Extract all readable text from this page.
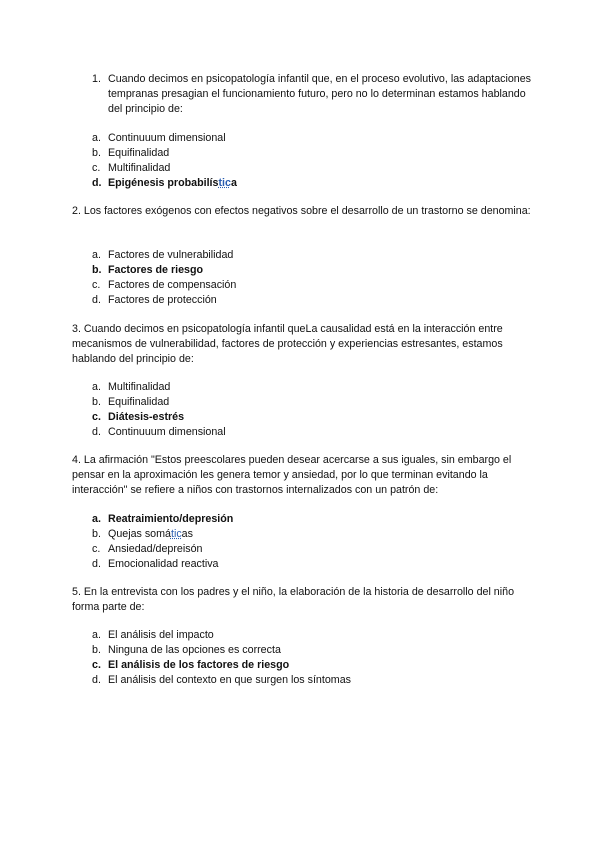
1. Cuando decimos en psicopatología infantil que, en el proceso evolutivo, las adaptaciones tempranas presagian el funcionamiento futuro, pero no lo determinan estamos hablando del principio de:
a. Continuuum dimensional
b. Equifinalidad
c. Multifinalidad
d. Epigénesis probabilística
2. Los factores exógenos con efectos negativos sobre el desarrollo de un trastorno se denomina:
a. Factores de vulnerabilidad
b. Factores de riesgo
c. Factores de compensación
d. Factores de protección
3. Cuando decimos en psicopatología infantil queLa causalidad está en la interacción entre mecanismos de vulnerabilidad, factores de protección y experiencias estresantes, estamos hablando del principio de:
a. Multifinalidad
b. Equifinalidad
c. Diátesis-estrés
d. Continuuum dimensional
4. La afirmación "Estos preescolares pueden desear acercarse a sus iguales, sin embargo el pensar en la aproximación les genera temor y ansiedad, por lo que terminan evitando la interacción" se refiere a niños con trastornos internalizados con un patrón de:
a. Reatraimiento/depresión
b. Quejas somáticas
c. Ansiedad/depreisón
d. Emocionalidad reactiva
5. En la entrevista con los padres y el niño, la elaboración de la historia de desarrollo del niño forma parte de:
a. El análisis del impacto
b. Ninguna de las opciones es correcta
c. El análisis de los factores de riesgo
d. El análisis del contexto en que surgen los síntomas
